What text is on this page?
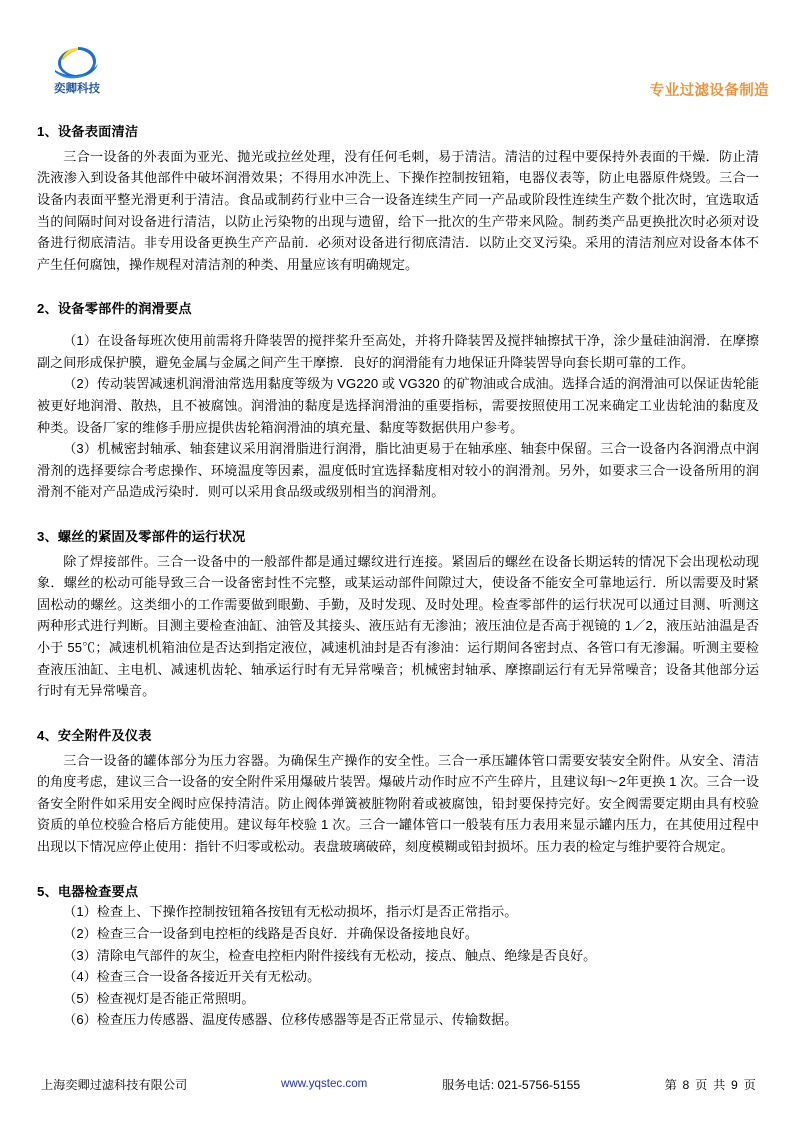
奕卿科技	专业过滤设备制造
1、设备表面清洁
三合一设备的外表面为亚光、抛光或拉丝处理，没有任何毛刺，易于清洁。清洁的过程中要保持外表面的干燥．防止清洗液渗入到设备其他部件中破坏润滑效果；不得用水冲洗上、下操作控制按钮箱，电器仪表等，防止电器原件烧毁。三合一设备内表面平整光滑更利于清洁。食品或制药行业中三合一设备连续生产同一产品或阶段性连续生产数个批次时，宜选取适当的间隔时间对设备进行清洁，以防止污染物的出现与遗留，给下一批次的生产带来风险。制药类产品更换批次时必须对设备进行彻底清洁。非专用设备更换生产产品前．必须对设备进行彻底清洁．以防止交叉污染。采用的清洁剂应对设备本体不产生任何腐蚀，操作规程对清洁剂的种类、用量应该有明确规定。
2、设备零部件的润滑要点
（1）在设备每班次使用前需将升降装罟的搅拌桨升至高处，并将升降装罟及搅拌轴擦拭干净，涂少量硅油润滑．在摩擦副之间形成保护膜，避免金属与金属之间产生干摩擦．良好的润滑能有力地保证升降装罟导向套长期可靠的工作。
（2）传动装罟减速机润滑油常选用黏度等级为 VG220 或 VG320 的矿物油或合成油。选择合适的润滑油可以保证齿轮能被更好地润滑、散热，且不被腐蚀。润滑油的黏度是选择润滑油的重要指标，需要按照使用工况来确定工业齿轮油的黏度及种类。设备厂家的维修手册应提供齿轮箱润滑油的填充量、黏度等数据供用户参考。
（3）机械密封轴承、轴套建议采用润滑脂进行润滑，脂比油更易于在轴承座、轴套中保留。三合一设备内各润滑点中润滑剂的选择要综合考虑操作、环境温度等因素，温度低时宜选择黏度相对较小的润滑剂。另外，如要求三合一设备所用的润滑剂不能对产品造成污染时．则可以采用食品级或级别相当的润滑剂。
3、螺丝的紧固及零部件的运行状况
除了焊接部件。三合一设备中的一般部件都是通过螺纹进行连接。紧固后的螺丝在设备长期运转的情况下会出现松动现象．螺丝的松动可能导致三合一设备密封性不完整，或某运动部件间隙过大，使设备不能安全可靠地运行．所以需要及时紧固松动的螺丝。这类细小的工作需要做到眼勤、手勤，及时发现、及时处理。检查零部件的运行状况可以通过目测、听测这两种形式进行判断。目测主要检查油缸、油管及其接头、液压站有无渗油；液压油位是否高于视镜的 1／2，液压站油温是否小于 55℃；减速机机箱油位是否达到指定液位，减速机油封是否有渗油：运行期间各密封点、各管口有无渗漏。听测主要检查液压油缸、主电机、减速机齿轮、轴承运行时有无异常噪音；机械密封轴承、摩擦副运行有无异常噪音；设备其他部分运行时有无异常噪音。
4、安全附件及仪表
三合一设备的罐体部分为压力容器。为确保生产操作的安全性。三合一承压罐体管口需要安装安全附件。从安全、清洁的角度考虑，建议三合一设备的安全附件采用爆破片装罟。爆破片动作时应不产生碎片，且建议每l～2年更换 1 次。三合一设备安全附件如采用安全阀时应保持清洁。防止阀体弹簧被脏物附着或被腐蚀，铅封要保持完好。安全阀需要定期由具有校验资质的单位校验合格后方能使用。建议每年校验 1 次。三合一罐体管口一般装有压力表用来显示罐内压力，在其使用过程中出现以下情况应停止使用：指针不归零或松动。表盘玻璃破碎，刻度模糊或铅封损坏。压力表的检定与维护要符合规定。
5、电器检查要点
（1）检查上、下操作控制按钮箱各按钮有无松动损坏，指示灯是否正常指示。
（2）检查三合一设备到电控柜的线路是否良好．并确保设备接地良好。
（3）清除电气部件的灰尘，检查电控柜内附件接线有无松动，接点、触点、绝缘是否良好。
（4）检查三合一设备各接近开关有无松动。
（5）检查视灯是否能正常照明。
（6）检查压力传感器、温度传感器、位移传感器等是否正常显示、传输数据。
上海奕卿过滤科技有限公司	www.yqstec.com	服务电话: 021-5756-5155	第 8 页 共 9 页
